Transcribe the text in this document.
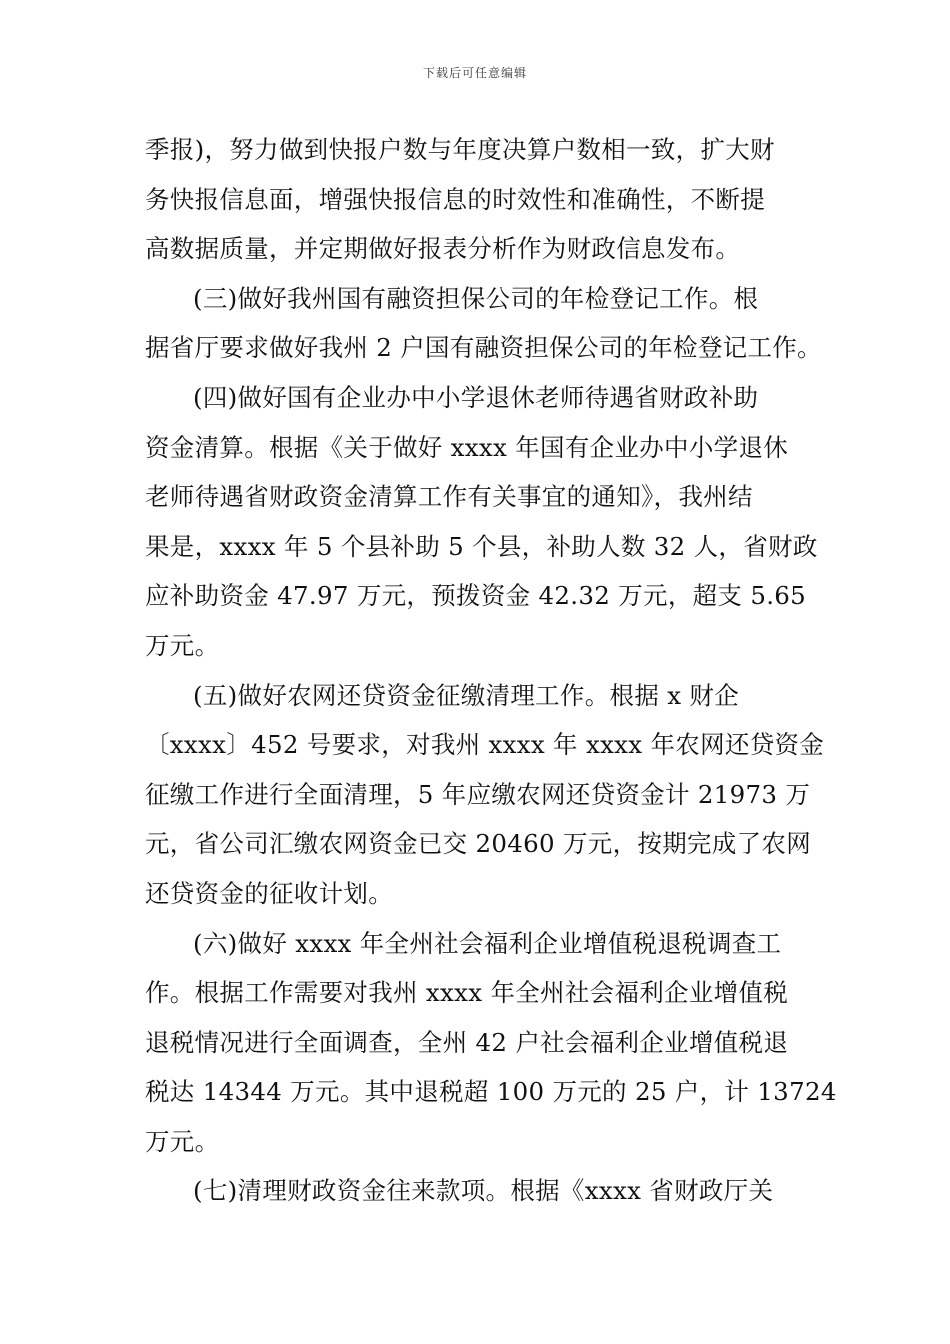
下载后可任意编辑
季报)，努力做到快报户数与年度决算户数相一致，扩大财
务快报信息面，增强快报信息的时效性和准确性，不断提
高数据质量，并定期做好报表分析作为财政信息发布。
(三)做好我州国有融资担保公司的年检登记工作。根
据省厅要求做好我州 2 户国有融资担保公司的年检登记工作。
(四)做好国有企业办中小学退休老师待遇省财政补助
资金清算。根据《关于做好 xxxx 年国有企业办中小学退休
老师待遇省财政资金清算工作有关事宜的通知》，我州结
果是，xxxx 年 5 个县补助 5 个县，补助人数 32 人，省财政
应补助资金 47.97 万元，预拨资金 42.32 万元，超支 5.65
万元。
(五)做好农网还贷资金征缴清理工作。根据 x 财企
〔xxxx〕452 号要求，对我州 xxxx 年 xxxx 年农网还贷资金
征缴工作进行全面清理，5 年应缴农网还贷资金计 21973 万
元，省公司汇缴农网资金已交 20460 万元，按期完成了农网
还贷资金的征收计划。
(六)做好 xxxx 年全州社会福利企业增值税退税调查工
作。根据工作需要对我州 xxxx 年全州社会福利企业增值税
退税情况进行全面调查，全州 42 户社会福利企业增值税退
税达 14344 万元。其中退税超 100 万元的 25 户，计 13724
万元。
(七)清理财政资金往来款项。根据《xxxx 省财政厅关
